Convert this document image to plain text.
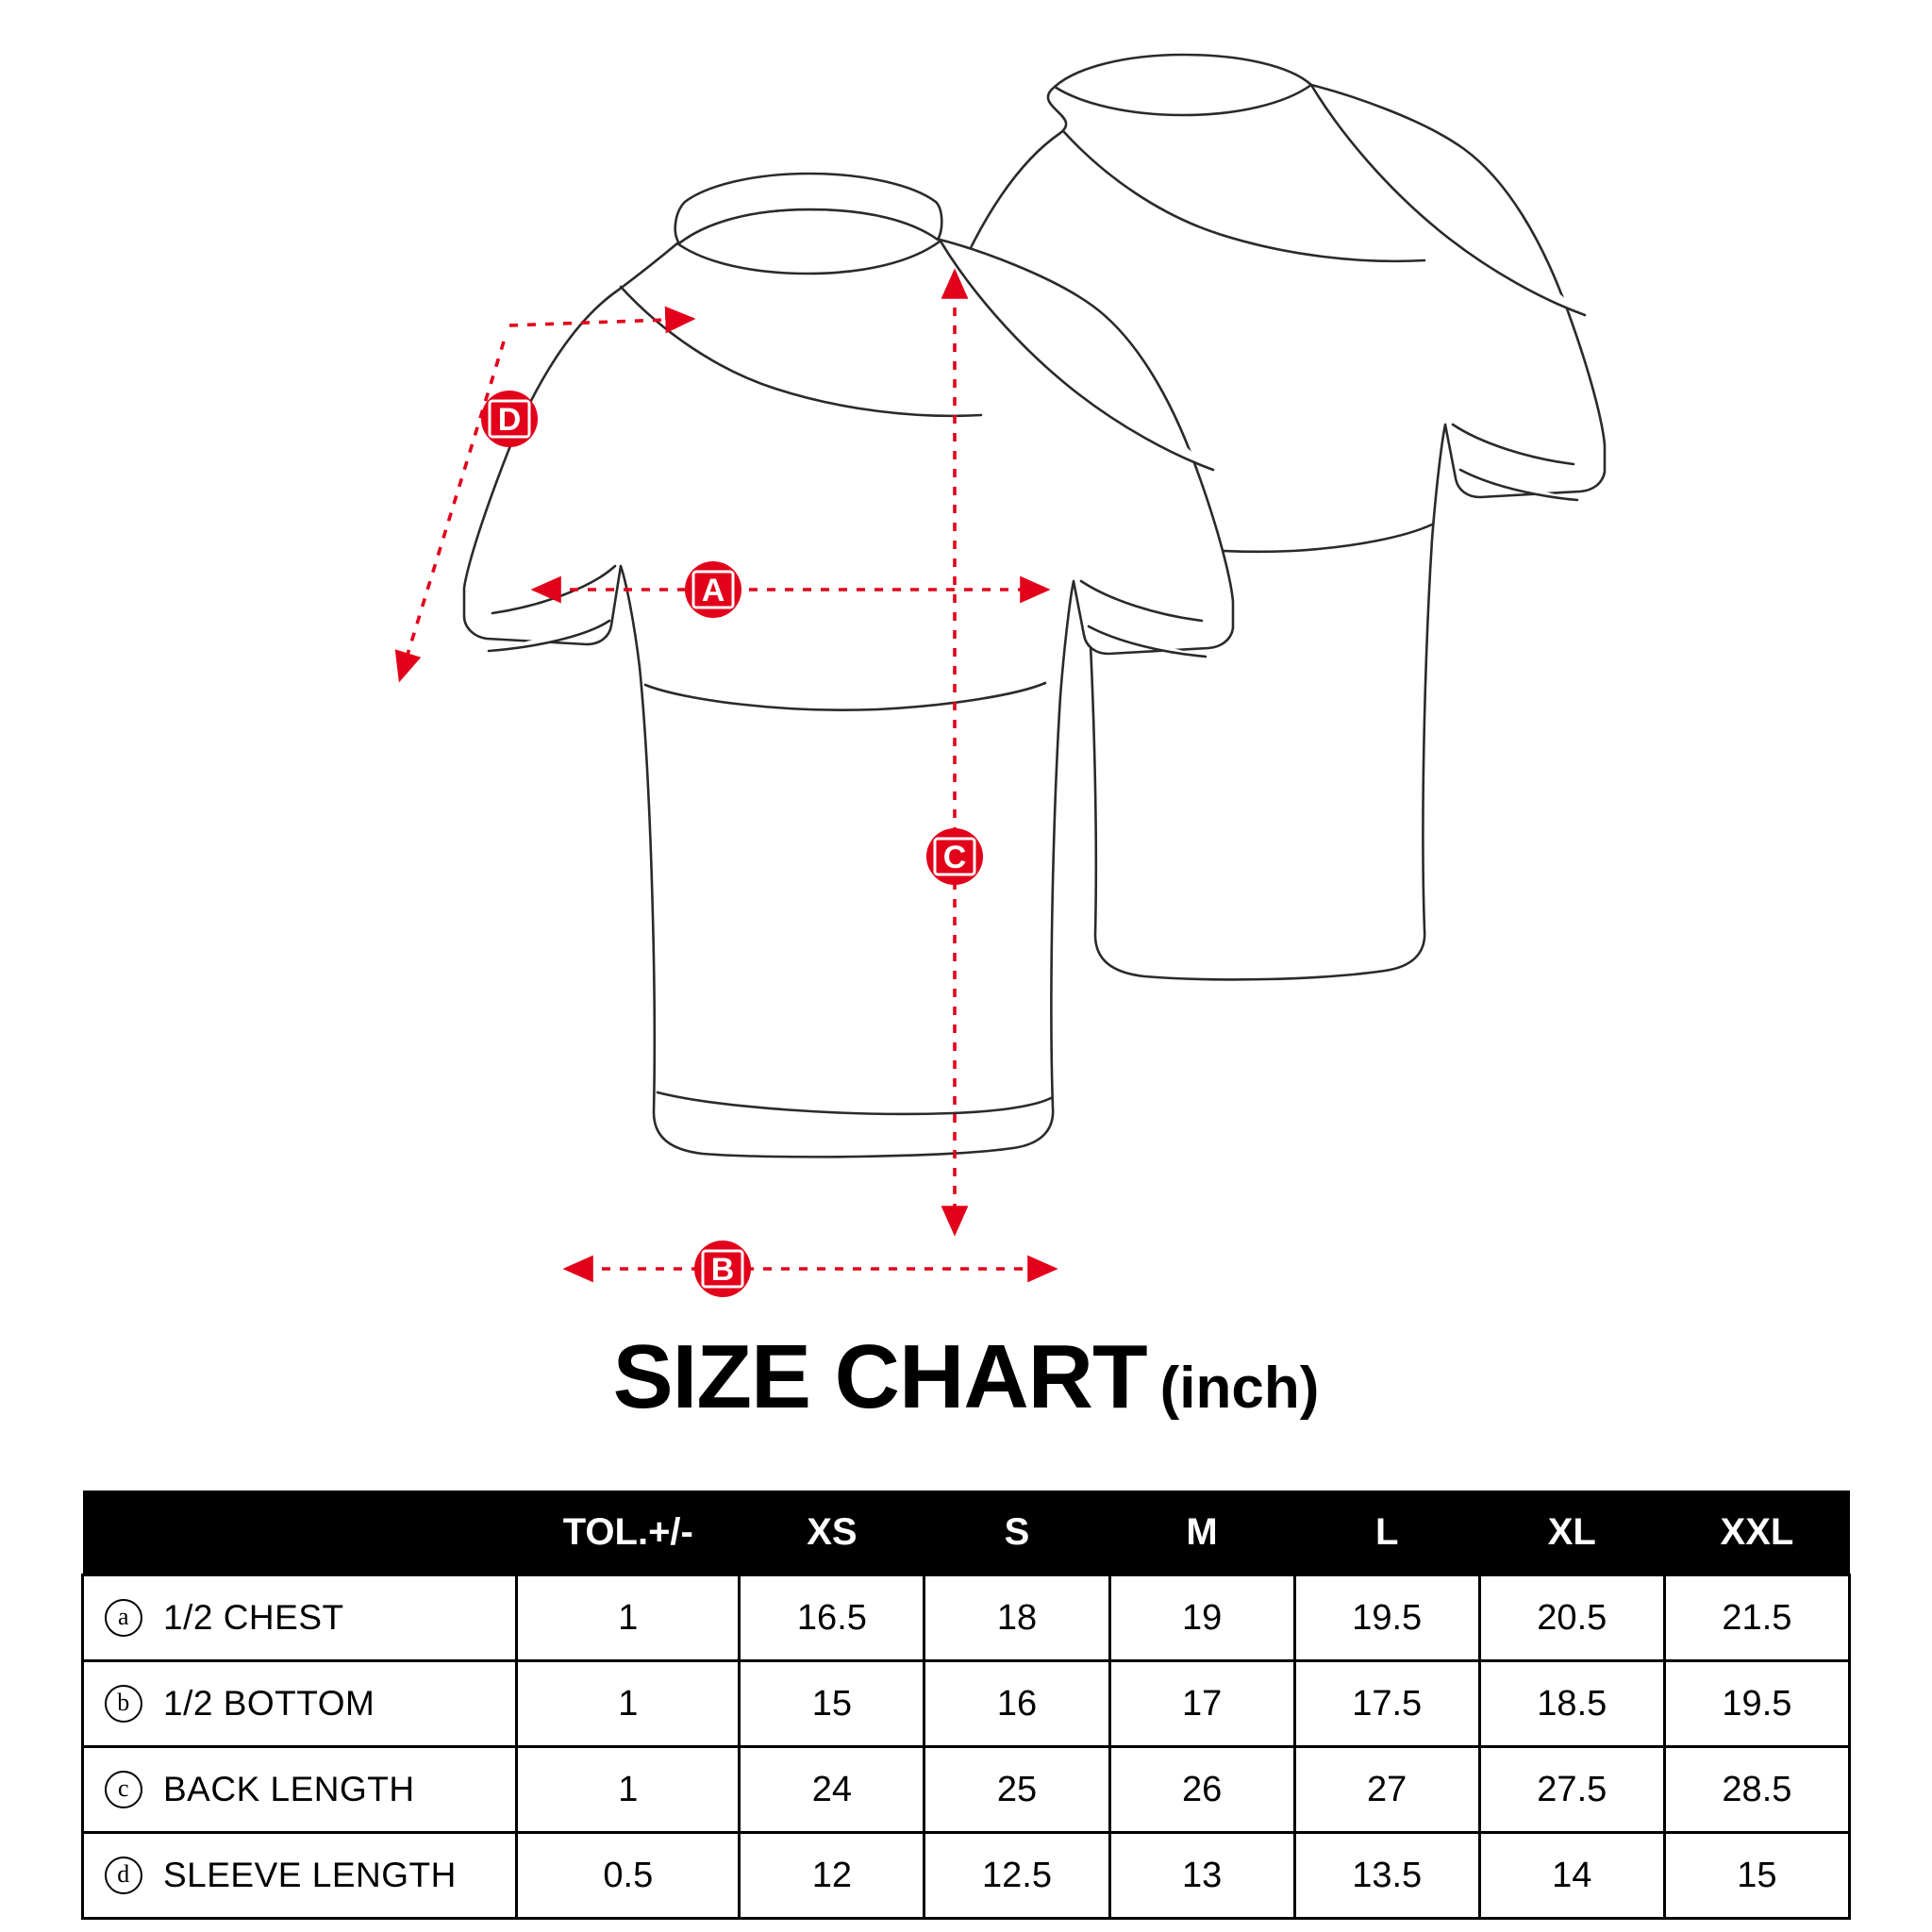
D
A
C
B
SIZE CHART (inch)
	TOL.+/-	XS	S	M	L	XL	XXL

a 1/2 CHEST	1	16.5	18	19	19.5	20.5	21.5

b 1/2 BOTTOM	1	15	16	17	17.5	18.5	19.5

c BACK LENGTH	1	24	25	26	27	27.5	28.5

d SLEEVE LENGTH	0.5	12	12.5	13	13.5	14	15
